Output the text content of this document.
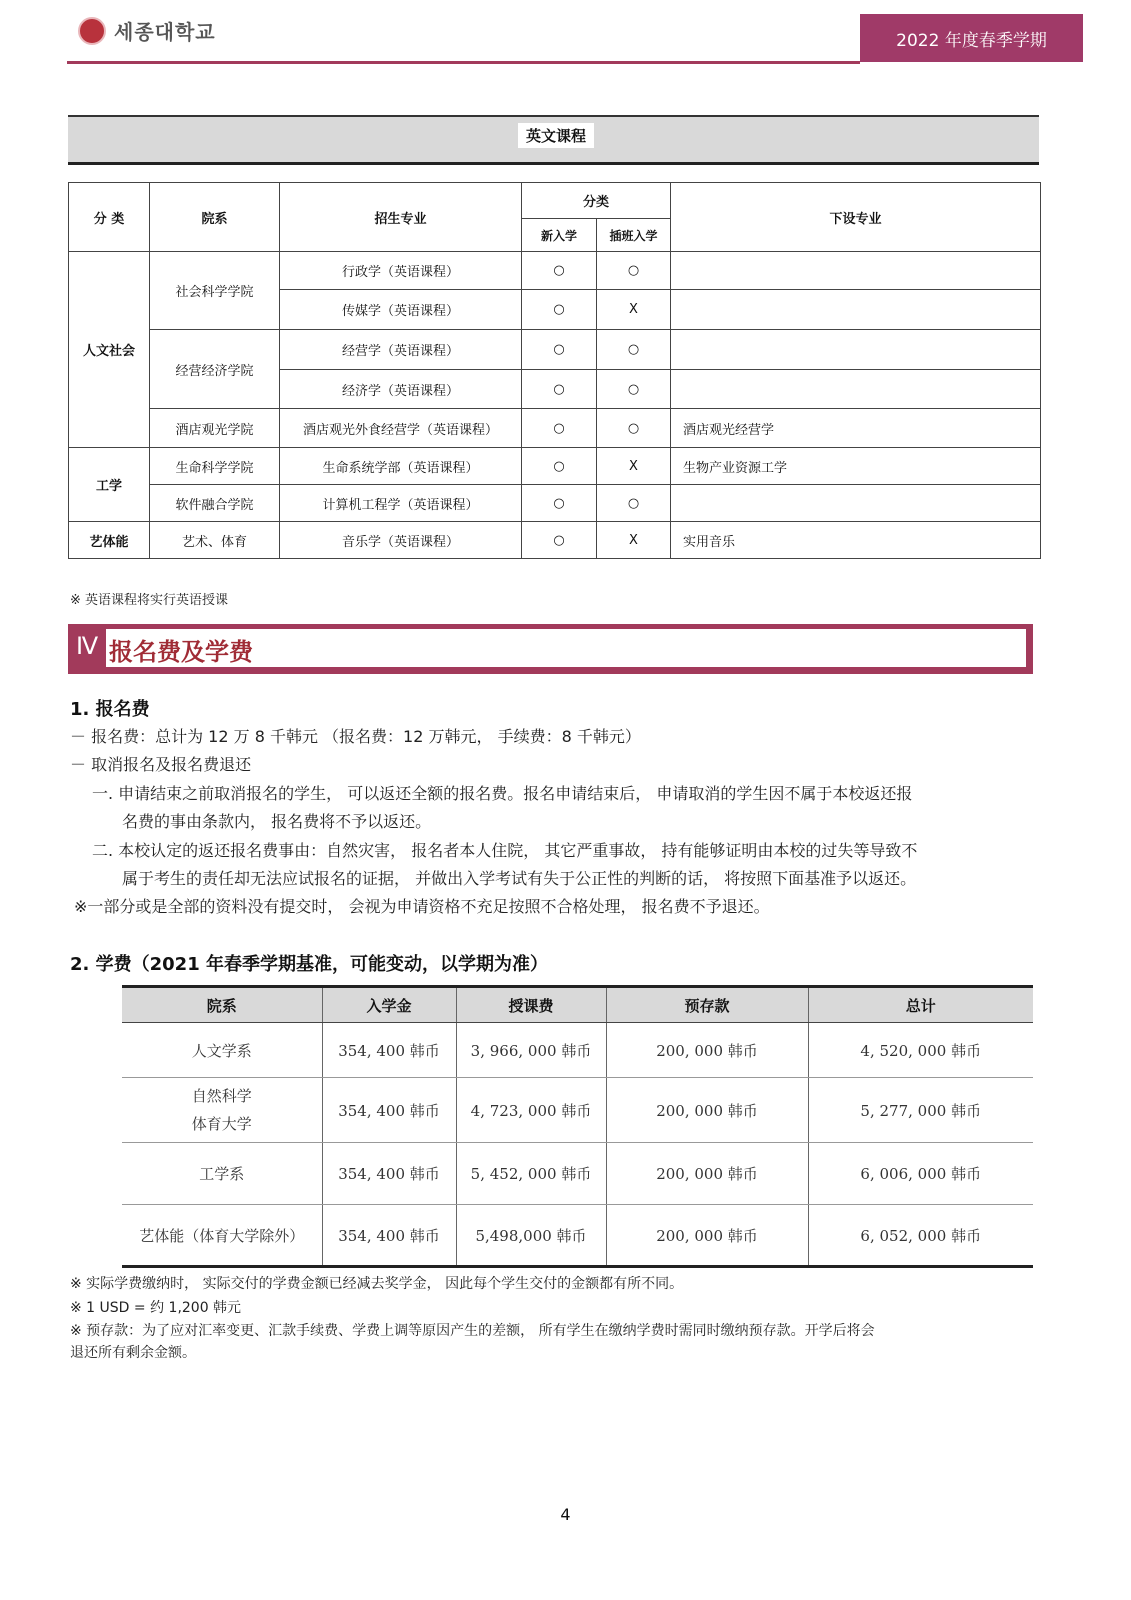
세종대학교	2022 年度春季学期
英文课程
分 类	院系	招生专业	分类		下设专业
			新入学	插班入学	
人文社会	社会科学学院	行政学（英语课程）	○	○	
		传媒学（英语课程）	○	X	
	经营经济学院	经营学（英语课程）	○	○	
		经济学（英语课程）	○	○	
	酒店观光学院	酒店观光外食经营学（英语课程）	○	○	酒店观光经营学
工学	生命科学学院	生命系统学部（英语课程）	○	X	生物产业资源工学
	软件融合学院	计算机工程学（英语课程）	○	○	
艺体能	艺术、体育	音乐学（英语课程）	○	X	实用音乐
※ 英语课程将实行英语授课
Ⅳ 报名费及学费
1. 报名费
－ 报名费：总计为 12 万 8 千韩元 （报名费：12 万韩元， 手续费：8 千韩元）
－ 取消报名及报名费退还
一. 申请结束之前取消报名的学生， 可以返还全额的报名费。报名申请结束后， 申请取消的学生因不属于本校返还报
名费的事由条款内， 报名费将不予以返还。
二. 本校认定的返还报名费事由：自然灾害， 报名者本人住院， 其它严重事故， 持有能够证明由本校的过失等导致不
属于考生的责任却无法应试报名的证据， 并做出入学考试有失于公正性的判断的话， 将按照下面基准予以返还。
※一部分或是全部的资料没有提交时， 会视为申请资格不充足按照不合格处理， 报名费不予退还。
2. 学费（2021 年春季学期基准，可能变动，以学期为准）
院系	入学金	授课费	预存款	总计
人文学系	354, 400 韩币	3, 966, 000 韩币	200, 000 韩币	4, 520, 000 韩币

自然科学
体育大学	354, 400 韩币	4, 723, 000 韩币	200, 000 韩币	5, 277, 000 韩币
工学系	354, 400 韩币	5, 452, 000 韩币	200, 000 韩币	6, 006, 000 韩币
艺体能（体育大学除外）	354, 400 韩币	5,498,000 韩币	200, 000 韩币	6, 052, 000 韩币
※ 实际学费缴纳时， 实际交付的学费金额已经减去奖学金， 因此每个学生交付的金额都有所不同。
※ 1 USD = 约 1,200 韩元
※ 预存款：为了应对汇率变更、汇款手续费、学费上调等原因产生的差额， 所有学生在缴纳学费时需同时缴纳预存款。开学后将会
退还所有剩余金额。
4
